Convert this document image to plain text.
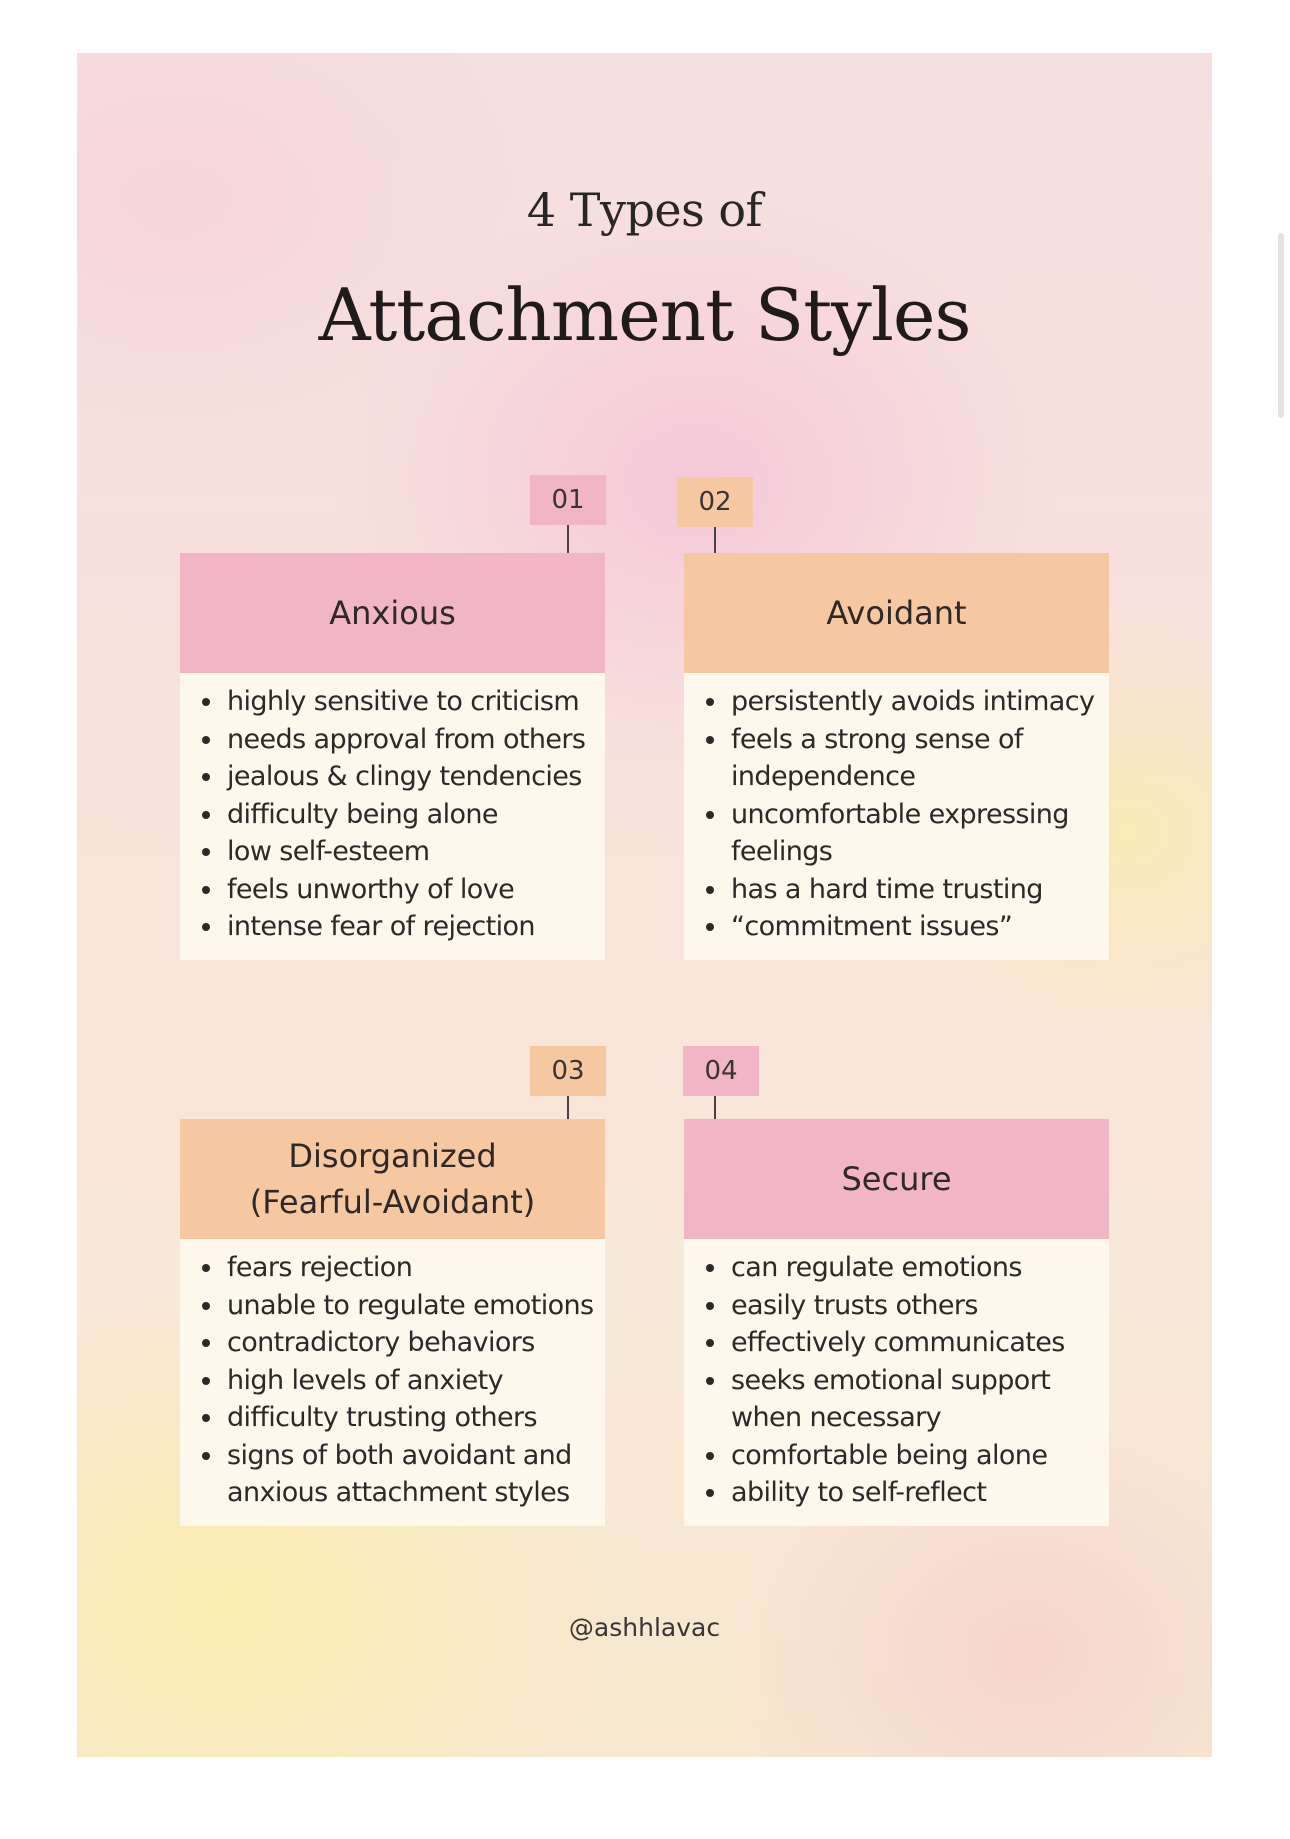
4 Types of
Attachment Styles
01
Anxious
highly sensitive to criticism
needs approval from others
jealous & clingy tendencies
difficulty being alone
low self-esteem
feels unworthy of love
intense fear of rejection
02
Avoidant
persistently avoids intimacy
feels a strong sense of independence
uncomfortable expressing feelings
has a hard time trusting
“commitment issues”
03
Disorganized
(Fearful-Avoidant)
fears rejection
unable to regulate emotions
contradictory behaviors
high levels of anxiety
difficulty trusting others
signs of both avoidant and anxious attachment styles
04
Secure
can regulate emotions
easily trusts others
effectively communicates
seeks emotional support when necessary
comfortable being alone
ability to self-reflect
@ashhlavac
